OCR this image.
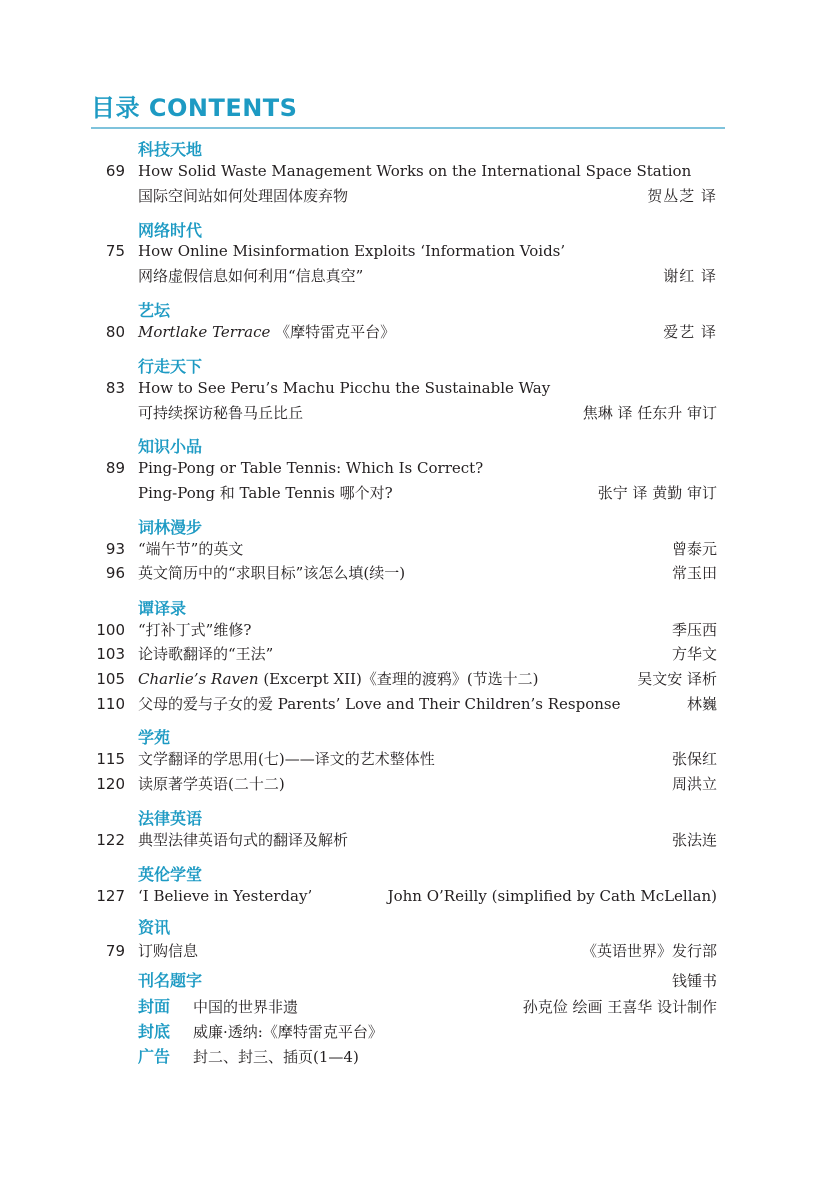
目录 CONTENTS
科技天地
69 How Solid Waste Management Works on the International Space Station
国际空间站如何处理固体废弃物	贺丛芝 译
网络时代
75 How Online Misinformation Exploits ‘Information Voids’
网络虚假信息如何利用“信息真空”	谢红 译
艺坛
80 Mortlake Terrace 《摩特雷克平台》	爱艺 译
行走天下
83 How to See Peru’s Machu Picchu the Sustainable Way
可持续探访秘鲁马丘比丘	焦琳 译 任东升 审订
知识小品
89 Ping-Pong or Table Tennis: Which Is Correct?
Ping-Pong 和 Table Tennis 哪个对?	张宁 译 黄勤 审订
词林漫步
93 “端午节”的英文	曾泰元
96 英文简历中的“求职目标”该怎么填(续一)	常玉田
谭译录
100 “打补丁式”维修?	季压西
103 论诗歌翻译的“王法”	方华文
105 Charlie’s Raven (Excerpt XII)《查理的渡鸦》(节选十二)	吴文安 译析
110 父母的爱与子女的爱 Parents’ Love and Their Children’s Response	林巍
学苑
115 文学翻译的学思用(七)——译文的艺术整体性	张保红
120 读原著学英语(二十二)	周洪立
法律英语
122 典型法律英语句式的翻译及解析	张法连
英伦学堂
127 ‘I Believe in Yesterday’	John O’Reilly (simplified by Cath McLellan)
资讯
79 订购信息	《英语世界》发行部
刊名题字	钱锺书
封面 中国的世界非遗	孙克俭 绘画 王喜华 设计制作
封底 威廉·透纳:《摩特雷克平台》
广告 封二、封三、插页(1—4)
